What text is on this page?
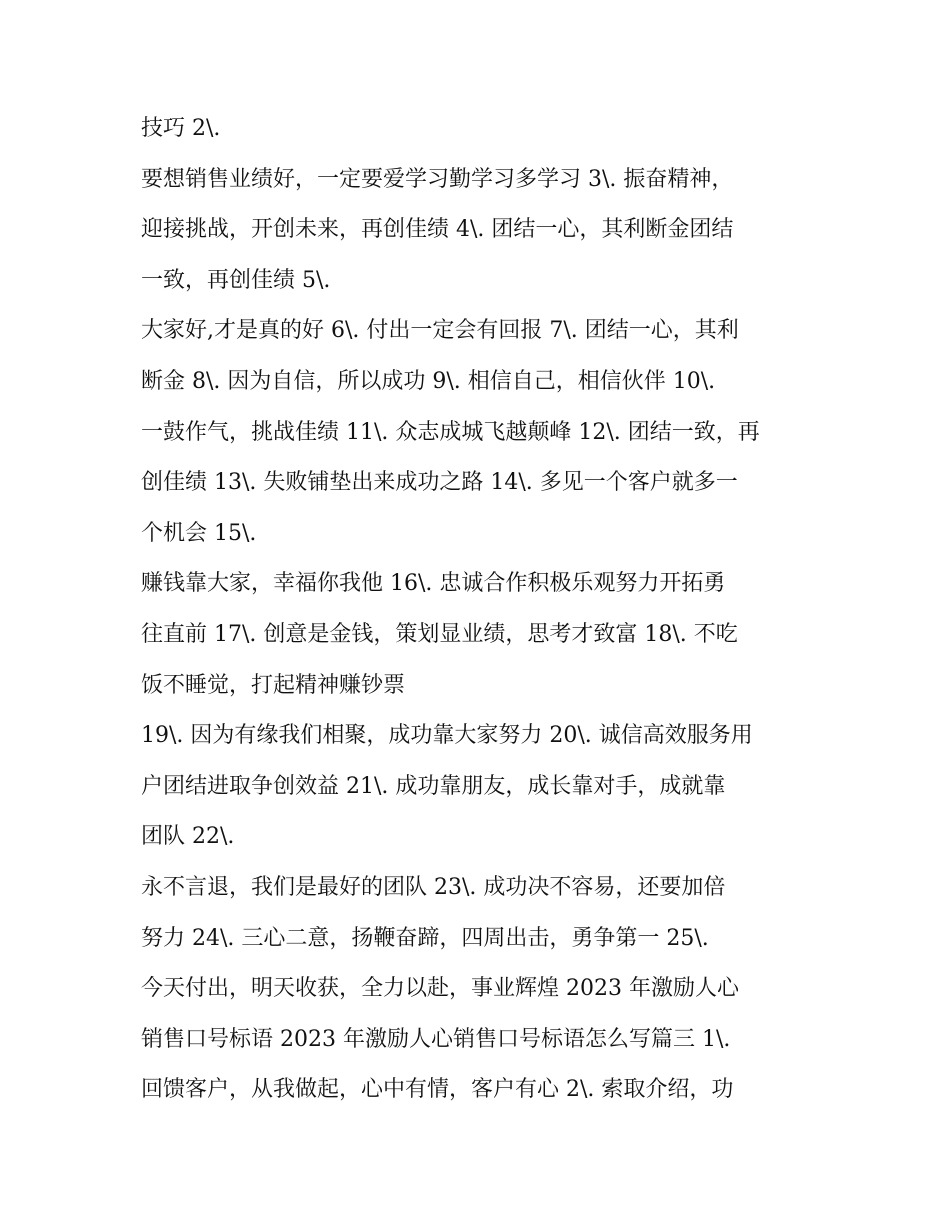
技巧 2\.
要想销售业绩好，一定要爱学习勤学习多学习 3\. 振奋精神，
迎接挑战，开创未来，再创佳绩 4\. 团结一心，其利断金团结
一致，再创佳绩 5\.
大家好,才是真的好 6\. 付出一定会有回报 7\. 团结一心，其利
断金 8\. 因为自信，所以成功 9\. 相信自己，相信伙伴 10\.
一鼓作气，挑战佳绩 11\. 众志成城飞越颠峰 12\. 团结一致，再
创佳绩 13\. 失败铺垫出来成功之路 14\. 多见一个客户就多一
个机会 15\.
赚钱靠大家，幸福你我他 16\. 忠诚合作积极乐观努力开拓勇
往直前 17\. 创意是金钱，策划显业绩，思考才致富 18\. 不吃
饭不睡觉，打起精神赚钞票
19\. 因为有缘我们相聚，成功靠大家努力 20\. 诚信高效服务用
户团结进取争创效益 21\. 成功靠朋友，成长靠对手，成就靠
团队 22\.
永不言退，我们是最好的团队 23\. 成功决不容易，还要加倍
努力 24\. 三心二意，扬鞭奋蹄，四周出击，勇争第一 25\.
今天付出，明天收获，全力以赴，事业辉煌 2023 年激励人心
销售口号标语 2023 年激励人心销售口号标语怎么写篇三 1\.
回馈客户，从我做起，心中有情，客户有心 2\. 索取介绍，功
